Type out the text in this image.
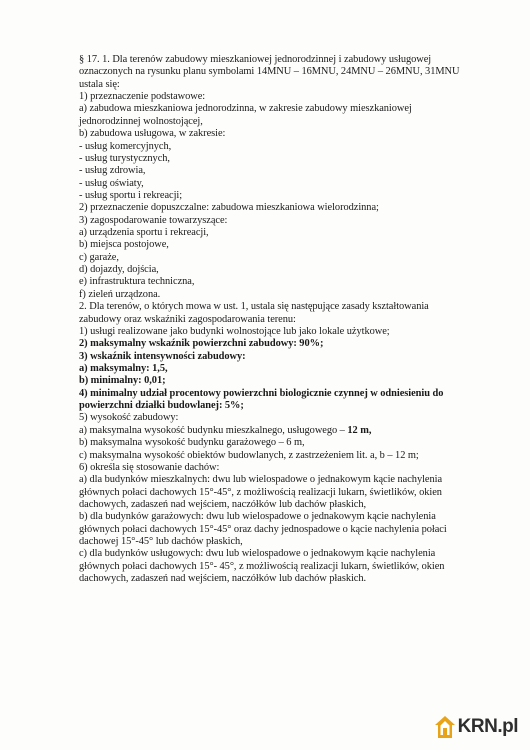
§ 17. 1. Dla terenów zabudowy mieszkaniowej jednorodzinnej i zabudowy usługowej
oznaczonych na rysunku planu symbolami 14MNU – 16MNU, 24MNU – 26MNU, 31MNU
ustala się:
1) przeznaczenie podstawowe:
a) zabudowa mieszkaniowa jednorodzinna, w zakresie zabudowy mieszkaniowej
jednorodzinnej wolnostojącej,
b) zabudowa usługowa, w zakresie:
- usług komercyjnych,
- usług turystycznych,
- usług zdrowia,
- usług oświaty,
- usług sportu i rekreacji;
2) przeznaczenie dopuszczalne: zabudowa mieszkaniowa wielorodzinna;
3) zagospodarowanie towarzyszące:
a) urządzenia sportu i rekreacji,
b) miejsca postojowe,
c) garaże,
d) dojazdy, dojścia,
e) infrastruktura techniczna,
f) zieleń urządzona.
2. Dla terenów, o których mowa w ust. 1, ustala się następujące zasady kształtowania
zabudowy oraz wskaźniki zagospodarowania terenu:
1) usługi realizowane jako budynki wolnostojące lub jako lokale użytkowe;
2) maksymalny wskaźnik powierzchni zabudowy: 90%;
3) wskaźnik intensywności zabudowy:
a) maksymalny: 1,5,
b) minimalny: 0,01;
4) minimalny udział procentowy powierzchni biologicznie czynnej w odniesieniu do
powierzchni działki budowlanej: 5%;
5) wysokość zabudowy:
a) maksymalna wysokość budynku mieszkalnego, usługowego – 12 m,
b) maksymalna wysokość budynku garażowego – 6 m,
c) maksymalna wysokość obiektów budowlanych, z zastrzeżeniem lit. a, b – 12 m;
6) określa się stosowanie dachów:
a) dla budynków mieszkalnych: dwu lub wielospadowe o jednakowym kącie nachylenia
głównych połaci dachowych 15°-45°, z możliwością realizacji lukarn, świetlików, okien
dachowych, zadaszeń nad wejściem, naczółków lub dachów płaskich,
b) dla budynków garażowych: dwu lub wielospadowe o jednakowym kącie nachylenia
głównych połaci dachowych 15°-45° oraz dachy jednospadowe o kącie nachylenia połaci
dachowej 15°-45° lub dachów płaskich,
c) dla budynków usługowych: dwu lub wielospadowe o jednakowym kącie nachylenia
głównych połaci dachowych 15°- 45°, z możliwością realizacji lukarn, świetlików, okien
dachowych, zadaszeń nad wejściem, naczółków lub dachów płaskich.
KRN.pl
